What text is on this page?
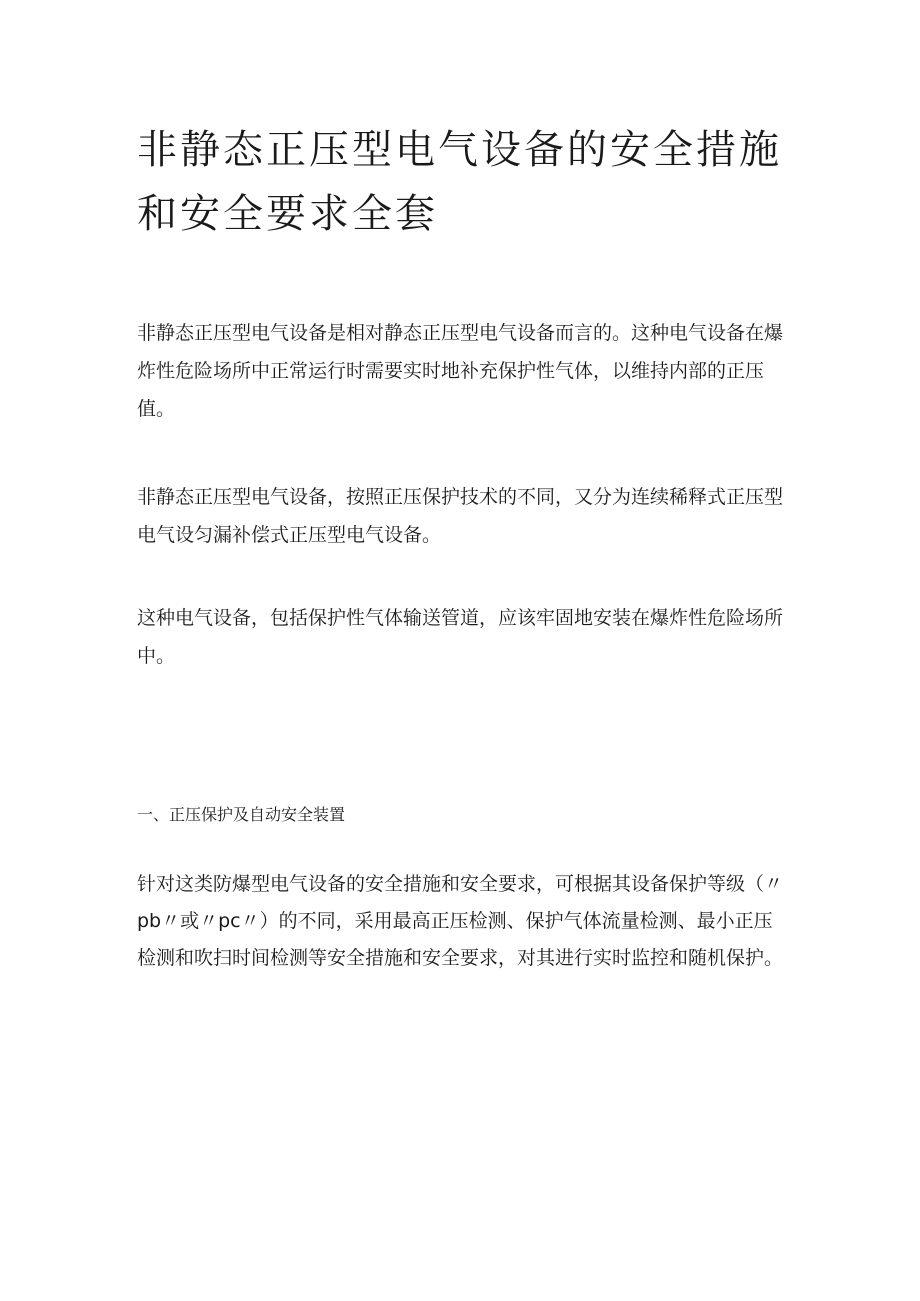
非静态正压型电气设备的安全措施和安全要求全套

非静态正压型电气设备是相对静态正压型电气设备而言的。这种电气设备在爆炸性危险场所中正常运行时需要实时地补充保护性气体，以维持内部的正压值。

非静态正压型电气设备，按照正压保护技术的不同，又分为连续稀释式正压型电气设匀漏补偿式正压型电气设备。

这种电气设备，包括保护性气体输送管道，应该牢固地安装在爆炸性危险场所中。

一、正压保护及自动安全装置

针对这类防爆型电气设备的安全措施和安全要求，可根据其设备保护等级（〃pb〃或〃pc〃）的不同，采用最高正压检测、保护气体流量检测、最小正压检测和吹扫时间检测等安全措施和安全要求，对其进行实时监控和随机保护。
